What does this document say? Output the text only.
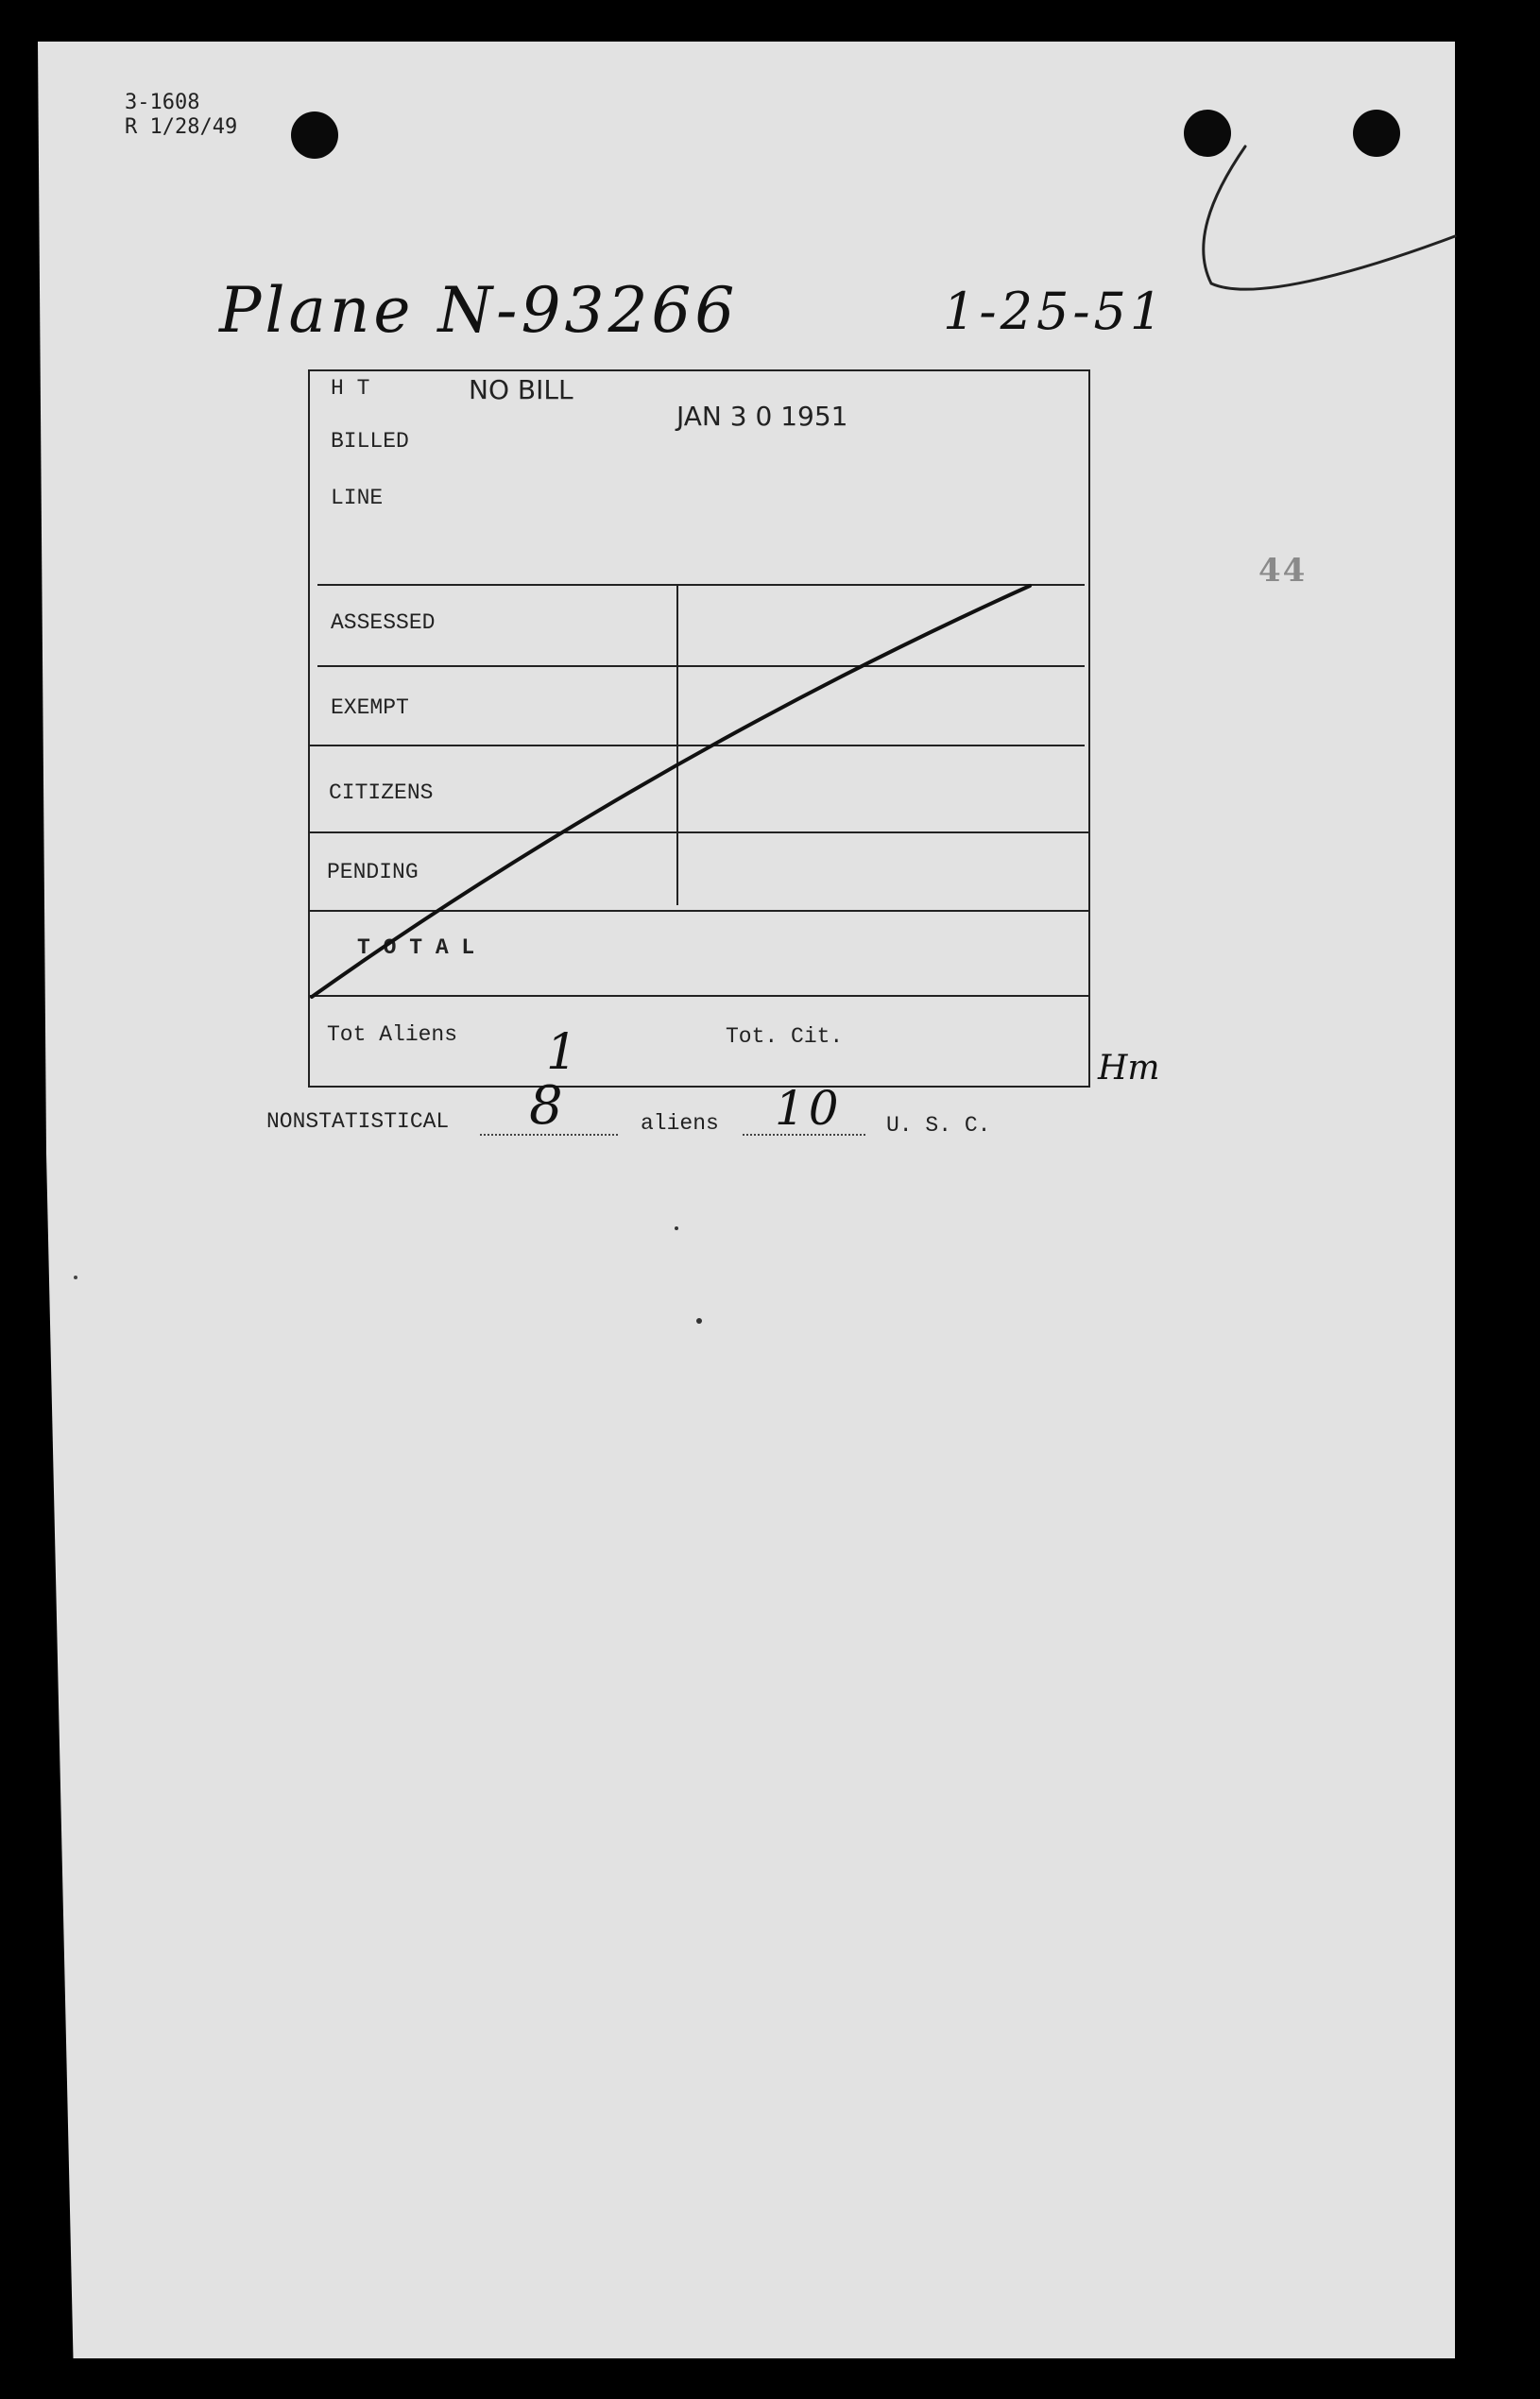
3-1608
R 1/28/49
Plane N-93266	1-25-51
44
NO BILL
JAN 3 0 1951
H T
BILLED
LINE
ASSESSED
EXEMPT
CITIZENS
PENDING
T O T A L
Tot Aliens	Tot. Cit.
1
NONSTATISTICAL 8	aliens 10 U. S. C.
Hm
